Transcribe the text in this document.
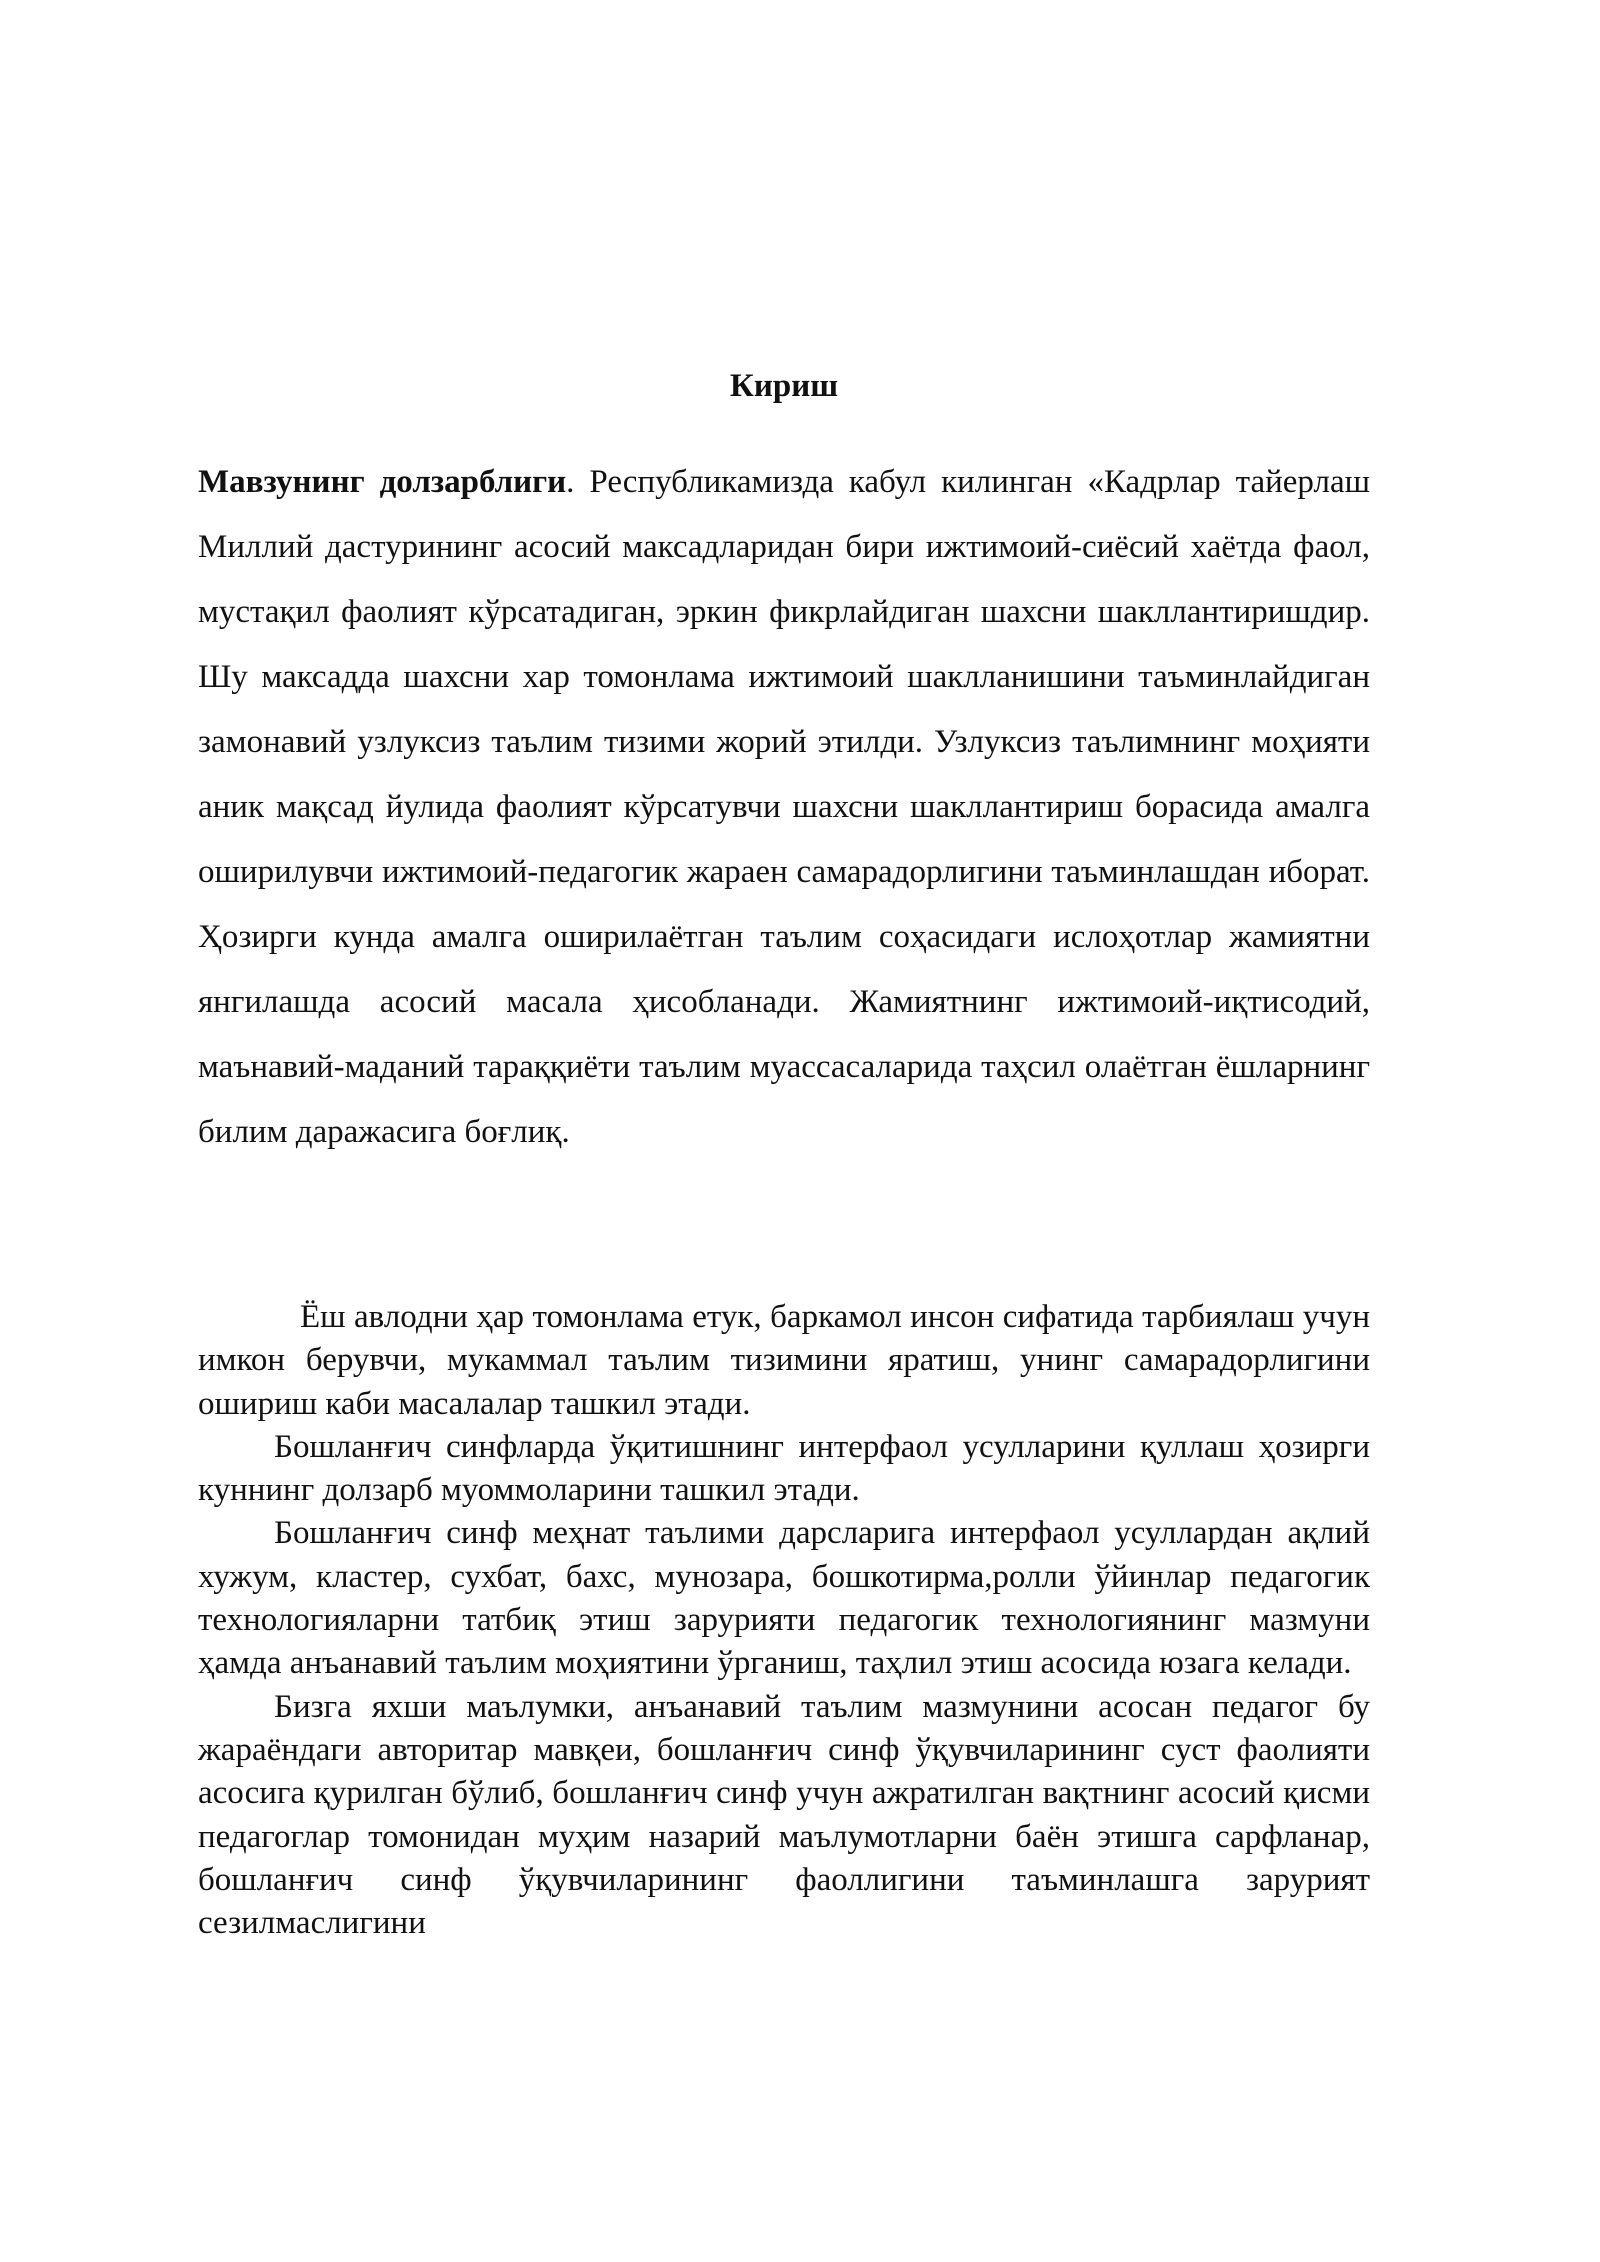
Кириш

Мавзунинг долзарблиги. Республикамизда кабул килинган «Кадрлар тайерлаш Миллий дастурининг асосий максадларидан бири ижтимоий-сиёсий хаётда фаол, мустақил фаолият кўрсатадиган, эркин фикрлайдиган шахсни шакллантиришдир. Шу максадда шахсни хар томонлама ижтимоий шаклланишини таъминлайдиган замонавий узлуксиз таълим тизими жорий этилди. Узлуксиз таълимнинг моҳияти аник мақсад йулида фаолият кўрсатувчи шахсни шакллантириш борасида амалга оширилувчи ижтимоий-педагогик жараен самарадорлигини таъминлашдан иборат. Ҳозирги кунда амалга оширилаётган таълим соҳасидаги ислоҳотлар жамиятни янгилашда асосий масала ҳисобланади. Жамиятнинг ижтимоий-иқтисодий, маънавий-маданий тараққиёти таълим муассасаларида таҳсил олаётган ёшларнинг билим даражасига боғлиқ.

Ёш авлодни ҳар томонлама етук, баркамол инсон сифатида тарбиялаш учун имкон берувчи, мукаммал таълим тизимини яратиш, унинг самарадорлигини ошириш каби масалалар ташкил этади.

Бошланғич синфларда ўқитишнинг интерфаол усулларини қуллаш ҳозирги куннинг долзарб муоммоларини ташкил этади.

Бошланғич синф меҳнат таълими дарсларига интерфаол усуллардан ақлий хужум, кластер, сухбат, бахс, мунозара, бошкотирма,ролли ўйинлар педагогик технологияларни татбиқ этиш зарурияти педагогик технологиянинг мазмуни ҳамда анъанавий таълим моҳиятини ўрганиш, таҳлил этиш асосида юзага келади.

Бизга яхши маълумки, анъанавий таълим мазмунини асосан педагог бу жараёндаги авторитар мавқеи, бошланғич синф ўқувчиларининг суст фаолияти асосига қурилган бўлиб, бошланғич синф учун ажратилган вақтнинг асосий қисми педагоглар томонидан муҳим назарий маълумотларни баён этишга сарфланар, бошланғич синф ўқувчиларининг фаоллигини таъминлашга зарурият сезилмаслигини
